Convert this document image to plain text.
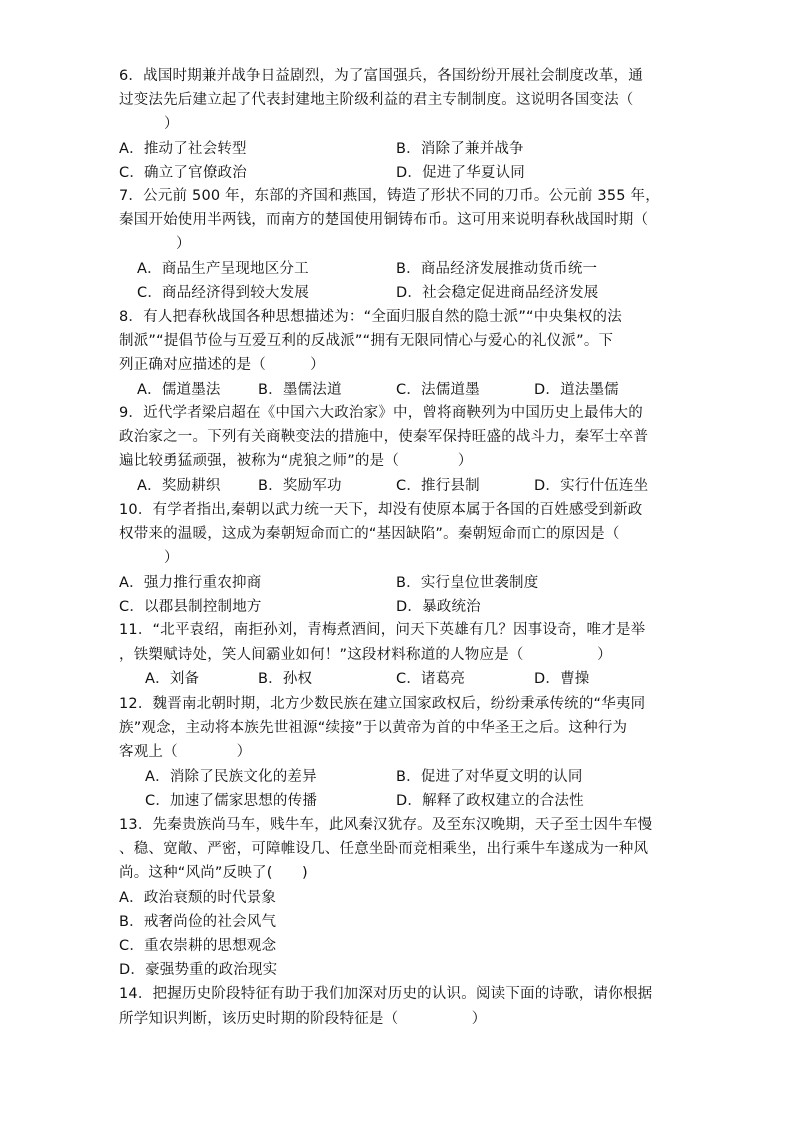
6．战国时期兼并战争日益剧烈，为了富国强兵，各国纷纷开展社会制度改革，通
过变法先后建立起了代表封建地主阶级利益的君主专制制度。这说明各国变法（
）
A．推动了社会转型	B．消除了兼并战争
C．确立了官僚政治	D．促进了华夏认同
7．公元前 500 年，东部的齐国和燕国，铸造了形状不同的刀币。公元前 355 年，
秦国开始使用半两钱，而南方的楚国使用铜铸布币。这可用来说明春秋战国时期（
）
A．商品生产呈现地区分工	B．商品经济发展推动货币统一
C．商品经济得到较大发展	D．社会稳定促进商品经济发展
8．有人把春秋战国各种思想描述为：“全面归服自然的隐士派”“中央集权的法
制派”“提倡节俭与互爱互利的反战派”“拥有无限同情心与爱心的礼仪派”。下
列正确对应描述的是（　　　）
A．儒道墨法	B．墨儒法道	C．法儒道墨	D．道法墨儒
9．近代学者梁启超在《中国六大政治家》中，曾将商鞅列为中国历史上最伟大的
政治家之一。下列有关商鞅变法的措施中，使秦军保持旺盛的战斗力，秦军士卒普
遍比较勇猛顽强，被称为“虎狼之师”的是（　　　　）
A．奖励耕织	B．奖励军功	C．推行县制	D．实行什伍连坐
10．有学者指出,秦朝以武力统一天下，却没有使原本属于各国的百姓感受到新政
权带来的温暖，这成为秦朝短命而亡的“基因缺陷”。秦朝短命而亡的原因是（
）
A．强力推行重农抑商	B．实行皇位世袭制度
C．以郡县制控制地方	D．暴政统治
11．“北平袁绍，南拒孙刘，青梅煮酒间，问天下英雄有几？因事设奇，唯才是举
，铁槊赋诗处，笑人间霸业如何！”这段材料称道的人物应是（　　　　　）
A．刘备	B．孙权	C．诸葛亮	D．曹操
12．魏晋南北朝时期，北方少数民族在建立国家政权后，纷纷秉承传统的“华夷同
族”观念，主动将本族先世祖源“续接”于以黄帝为首的中华圣王之后。这种行为
客观上（　　　　）
A．消除了民族文化的差异	B．促进了对华夏文明的认同
C．加速了儒家思想的传播	D．解释了政权建立的合法性
13．先秦贵族尚马车，贱牛车，此风秦汉犹存。及至东汉晚期，天子至士因牛车慢
、稳、宽敞、严密，可障帷设几、任意坐卧而竞相乘坐，出行乘牛车遂成为一种风
尚。这种“风尚”反映了(　　)
A．政治衰颓的时代景象
B．戒奢尚俭的社会风气
C．重农崇耕的思想观念
D．豪强势重的政治现实
14．把握历史阶段特征有助于我们加深对历史的认识。阅读下面的诗歌，请你根据
所学知识判断，该历史时期的阶段特征是（　　　　　）
